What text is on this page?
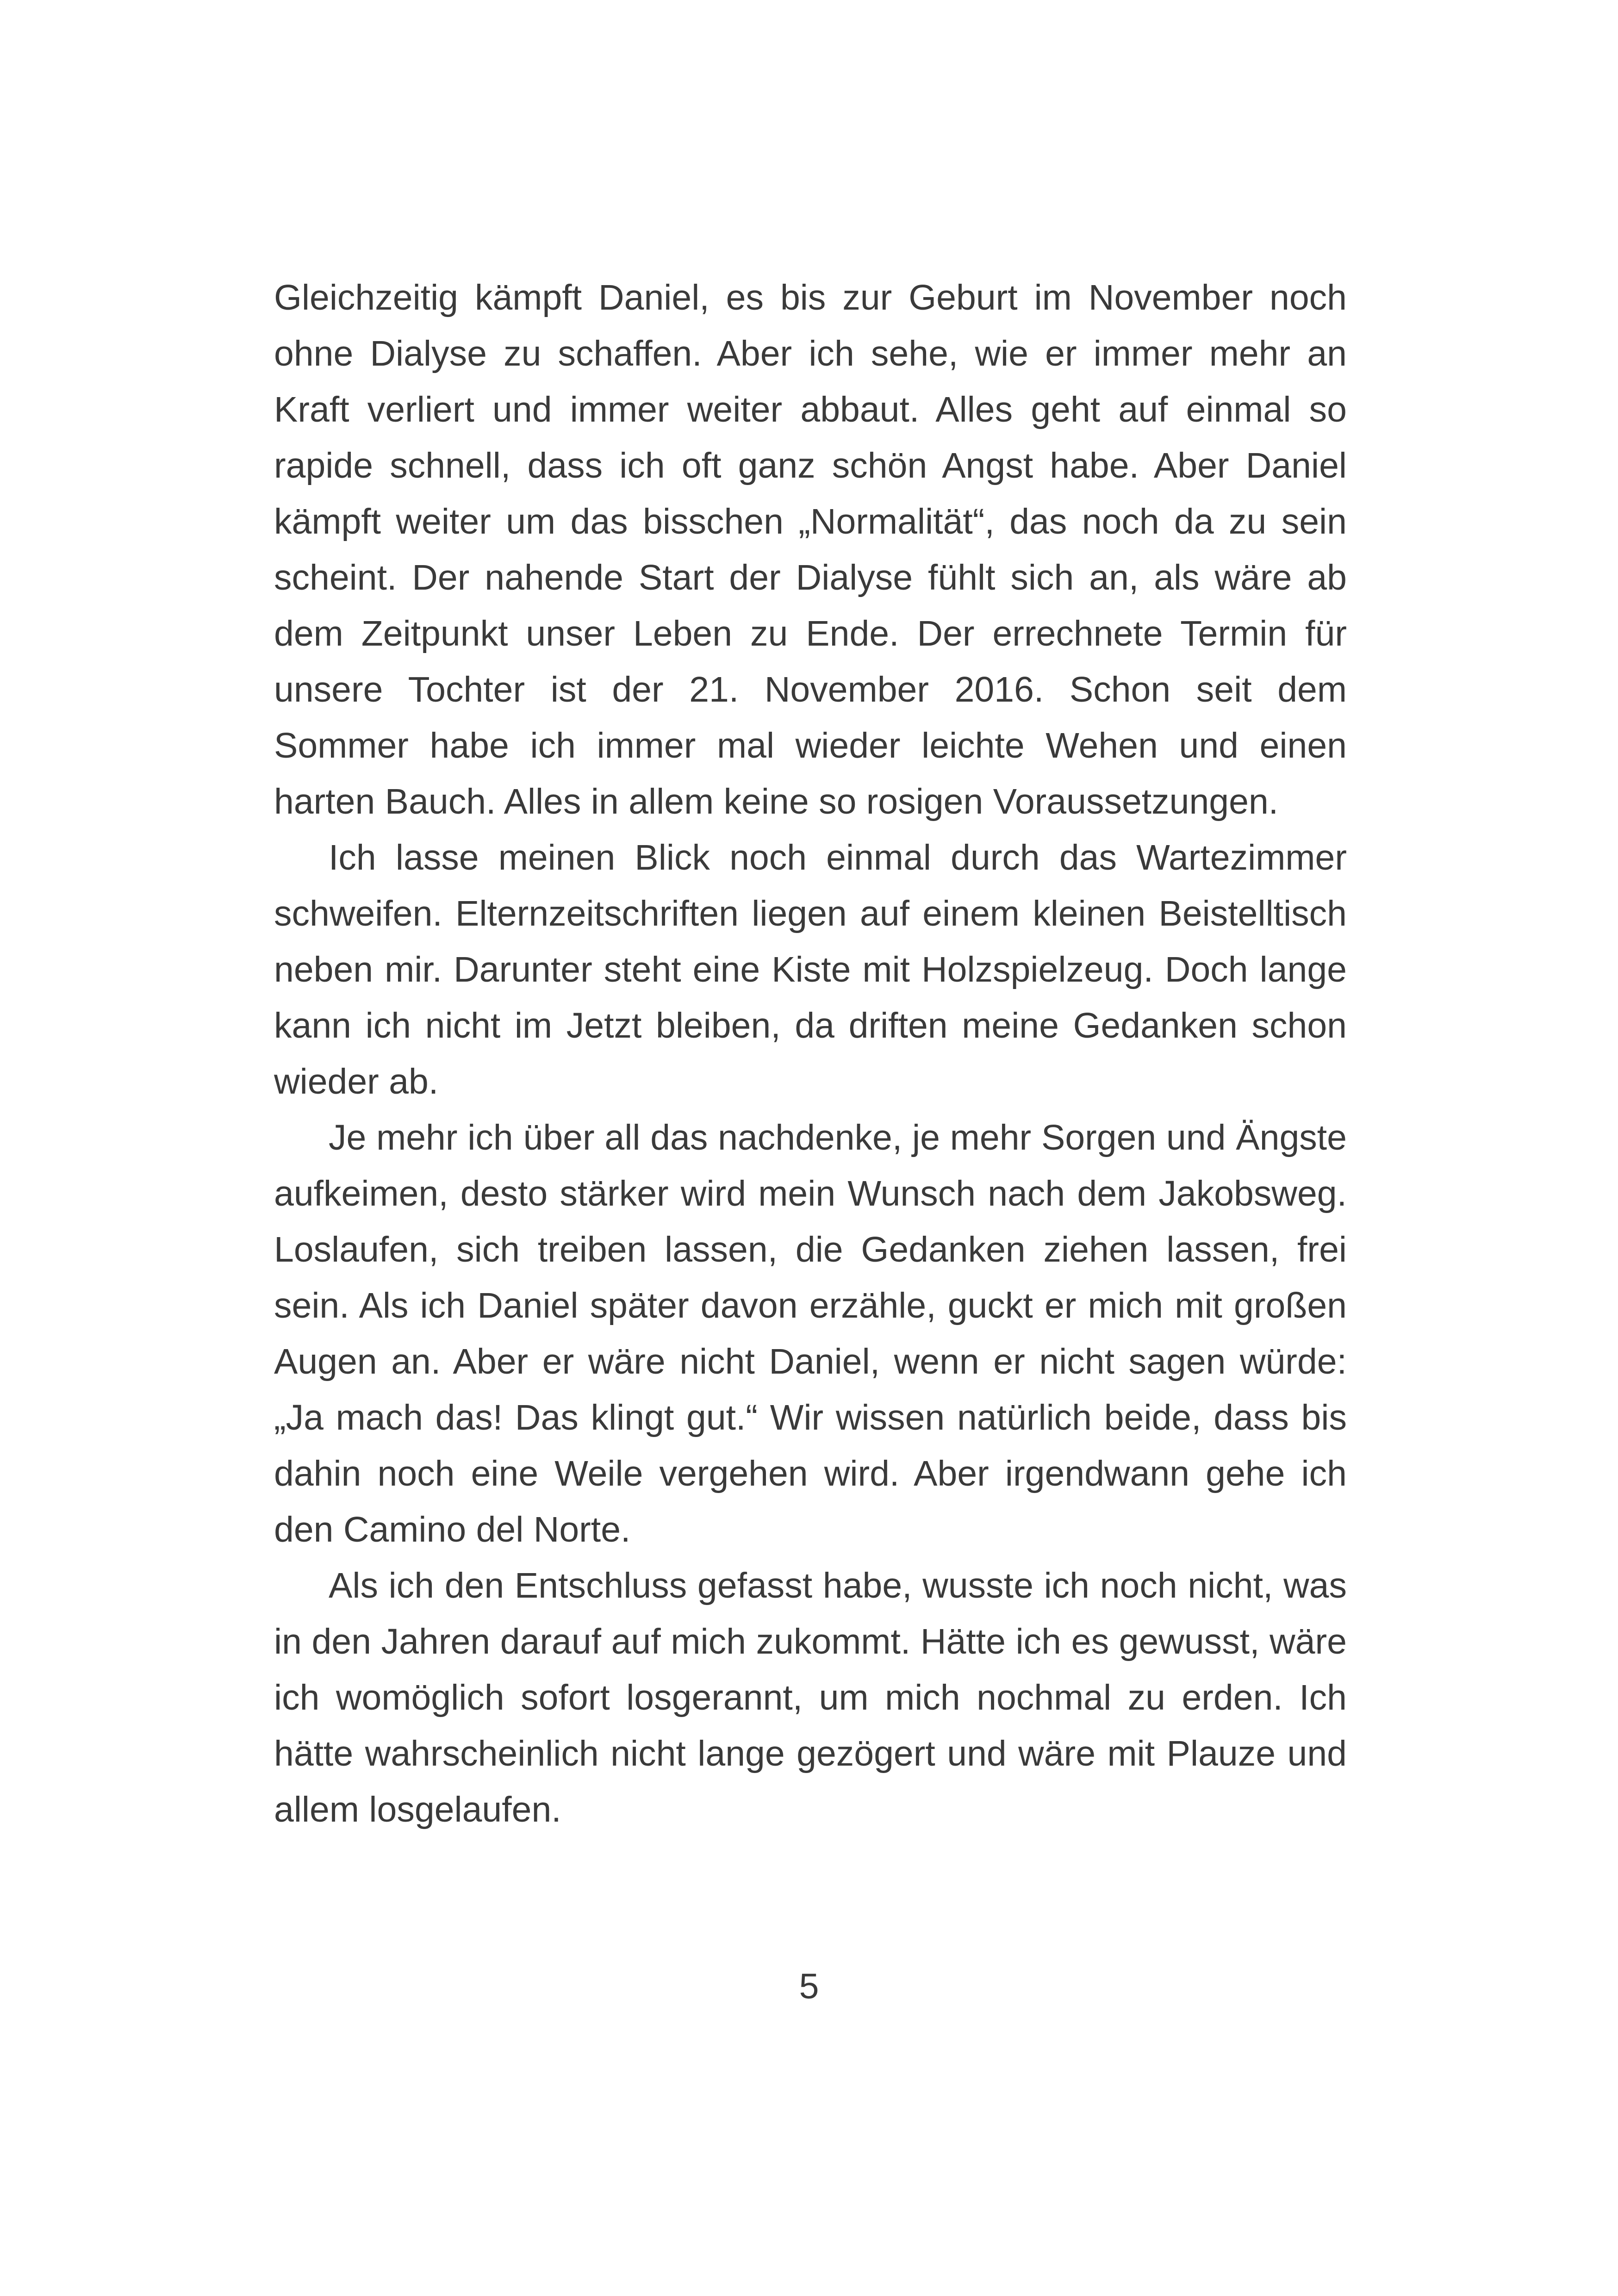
Gleichzeitig kämpft Daniel, es bis zur Geburt im November noch ohne Dialyse zu schaffen. Aber ich sehe, wie er immer mehr an Kraft verliert und immer weiter abbaut. Alles geht auf einmal so rapide schnell, dass ich oft ganz schön Angst habe. Aber Daniel kämpft weiter um das bisschen „Normalität“, das noch da zu sein scheint. Der nahende Start der Dialyse fühlt sich an, als wäre ab dem Zeitpunkt unser Leben zu Ende. Der errechnete Termin für unsere Tochter ist der 21. November 2016. Schon seit dem Sommer habe ich immer mal wieder leichte Wehen und einen harten Bauch. Alles in allem keine so rosigen Voraussetzungen.

Ich lasse meinen Blick noch einmal durch das Wartezimmer schweifen. Elternzeitschriften liegen auf einem kleinen Beistelltisch neben mir. Darunter steht eine Kiste mit Holzspielzeug. Doch lange kann ich nicht im Jetzt bleiben, da driften meine Gedanken schon wieder ab.

Je mehr ich über all das nachdenke, je mehr Sorgen und Ängste aufkeimen, desto stärker wird mein Wunsch nach dem Jakobsweg. Loslaufen, sich treiben lassen, die Gedanken ziehen lassen, frei sein. Als ich Daniel später davon erzähle, guckt er mich mit großen Augen an. Aber er wäre nicht Daniel, wenn er nicht sagen würde: „Ja mach das! Das klingt gut.“ Wir wissen natürlich beide, dass bis dahin noch eine Weile vergehen wird. Aber irgendwann gehe ich den Camino del Norte.

Als ich den Entschluss gefasst habe, wusste ich noch nicht, was in den Jahren darauf auf mich zukommt. Hätte ich es gewusst, wäre ich womöglich sofort losgerannt, um mich nochmal zu erden. Ich hätte wahrscheinlich nicht lange gezögert und wäre mit Plauze und allem losgelaufen.

5
